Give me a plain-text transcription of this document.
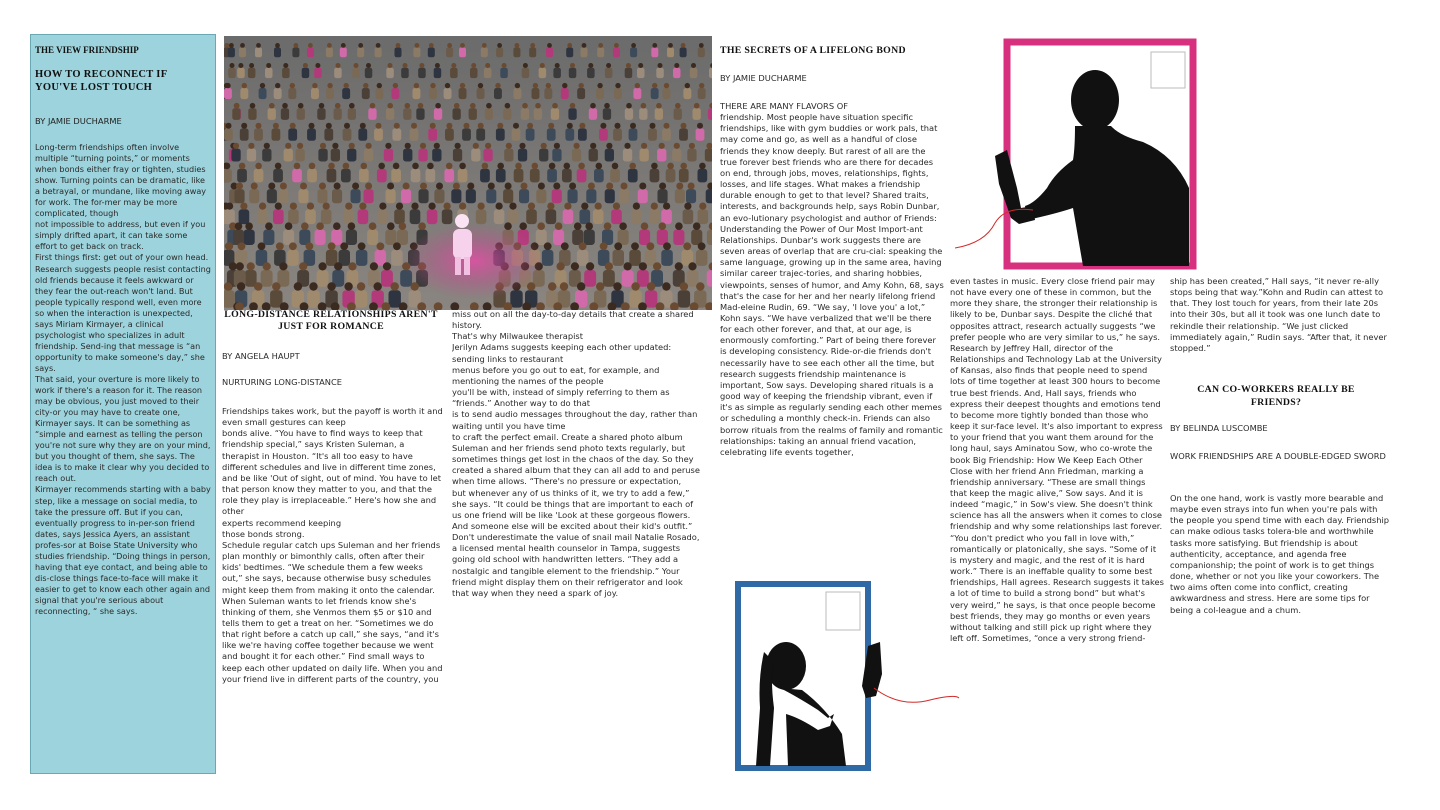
THE VIEW FRIENDSHIP

HOW TO RECONNECT IF YOU'VE LOST TOUCH

BY JAMIE DUCHARME

Long-term friendships often involve multiple “turning points,” or moments when bonds either fray or tighten, studies show. Turning points can be dramatic, like a betrayal, or mundane, like moving away for work. The for-mer may be more complicated, though
not impossible to address, but even if you simply drifted apart, it can take some effort to get back on track.
First things first: get out of your own head. Research suggests people resist contacting old friends because it feels awkward or they fear the out-reach won't land. But people typically respond well, even more so when the interaction is unexpected, says Miriam Kirmayer, a clinical psychologist who specializes in adult friendship. Send-ing that message is “an opportunity to make someone's day,” she says.
That said, your overture is more likely to work if there's a reason for it. The reason may be obvious, you just moved to their city-or you may have to create one, Kirmayer says. It can be something as “simple and earnest as telling the person you're not sure why they are on your mind, but you thought of them, she says. The idea is to make it clear why you decided to reach out.
Kirmayer recommends starting with a baby step, like a message on social media, to take the pressure off. But if you can, eventually progress to in-per-son friend dates, says Jessica Ayers, an assistant profes-sor at Boise State University who studies friendship. “Doing things in person, having that eye contact, and being able to dis-close things face-to-face will make it easier to get to know each other again and signal that you're serious about reconnecting, “ she says.

LONG-DISTANCE RELATIONSHIPS AREN'T JUST FOR ROMANCE

BY ANGELA HAUPT

NURTURING LONG-DISTANCE

Friendships takes work, but the payoff is worth it and even small gestures can keep
bonds alive. “You have to find ways to keep that friendship special,” says Kristen Suleman, a therapist in Houston. “It's all too easy to have different schedules and live in different time zones, and be like 'Out of sight, out of mind. You have to let that person know they matter to you, and that the role they play is irreplaceable.” Here's how she and other
experts recommend keeping
those bonds strong.
Schedule regular catch ups Suleman and her friends plan monthly or bimonthly calls, often after their kids' bedtimes. “We schedule them a few weeks out,” she says, because otherwise busy schedules might keep them from making it onto the calendar. When Suleman wants to let friends know she's thinking of them, she Venmos them $5 or $10 and tells them to get a treat on her. “Sometimes we do that right before a catch up call,” she says, “and it's like we're having coffee together because we went and bought it for each other.” Find small ways to keep each other updated on daily life. When you and your friend live in different parts of the country, you

miss out on all the day-to-day details that create a shared history.
That's why Milwaukee therapist
Jerilyn Adams suggests keeping each other updated: sending links to restaurant
menus before you go out to eat, for example, and mentioning the names of the people
you'll be with, instead of simply referring to them as “friends.” Another way to do that
is to send audio messages throughout the day, rather than waiting until you have time
to craft the perfect email. Create a shared photo album Suleman and her friends send photo texts regularly, but sometimes things get lost in the chaos of the day. So they created a shared album that they can all add to and peruse when time allows. “There's no pressure or expectation,
but whenever any of us thinks of it, we try to add a few,” she says. “It could be things that are important to each of us one friend will be like 'Look at these gorgeous flowers. And someone else will be excited about their kid's outfit.” Don't underestimate the value of snail mail Natalie Rosado, a licensed mental health counselor in Tampa, suggests going old school with handwritten letters. “They add a nostalgic and tangible element to the friendship.” Your friend might display them on their refrigerator and look that way when they need a spark of joy.

THE SECRETS OF A LIFELONG BOND

BY JAMIE DUCHARME

THERE ARE MANY FLAVORS OF
friendship. Most people have situation specific friendships, like with gym buddies or work pals, that may come and go, as well as a handful of close friends they know deeply. But rarest of all are the true forever best friends who are there for decades on end, through jobs, moves, relationships, fights, losses, and life stages. What makes a friendship durable enough to get to that level? Shared traits, interests, and backgrounds help, says Robin Dunbar, an evo-lutionary psychologist and author of Friends: Understanding the Power of Our Most Import-ant Relationships. Dunbar's work suggests there are seven areas of overlap that are cru-cial: speaking the same language, growing up in the same area, having similar career trajec-tories, and sharing hobbies, viewpoints, senses of humor, and Amy Kohn, 68, says that's the case for her and her nearly lifelong friend Mad-eleine Rudin, 69. “We say, 'I love you' a lot,” Kohn says. “We have verbalized that we'll be there for each other forever, and that, at our age, is enormously comforting.” Part of being there forever is developing consistency. Ride-or-die friends don't necessarily have to see each other all the time, but research suggests friendship maintenance is important, Sow says. Developing shared rituals is a good way of keeping the friendship vibrant, even if it's as simple as regularly sending each other memes or scheduling a monthly check-in. Friends can also borrow rituals from the realms of family and romantic relationships: taking an annual friend vacation, celebrating life events together,

even tastes in music. Every close friend pair may not have every one of these in common, but the more they share, the stronger their relationship is likely to be, Dunbar says. Despite the cliché that opposites attract, research actually suggests “we prefer people who are very similar to us,” he says.
Research by Jeffrey Hall, director of the Relationships and Technology Lab at the University of Kansas, also finds that people need to spend lots of time together at least 300 hours to become true best friends. And, Hall says, friends who express their deepest thoughts and emotions tend to become more tightly bonded than those who keep it sur-face level. It's also important to express to your friend that you want them around for the long haul, says Aminatou Sow, who co-wrote the book Big Friendship: How We Keep Each Other Close with her friend Ann Friedman, marking a friendship anniversary. “These are small things that keep the magic alive,” Sow says. And it is indeed “magic,” in Sow's view. She doesn't think science has all the answers when it comes to close friendship and why some relationships last forever.
“You don't predict who you fall in love with,” romantically or platonically, she says. “Some of it is mystery and magic, and the rest of it is hard work.” There is an ineffable quality to some best friendships, Hall agrees. Research suggests it takes a lot of time to build a strong bond” but what's very weird,” he says, is that once people become best friends, they may go months or even years without talking and still pick up right where they left off. Sometimes, “once a very strong friend-

ship has been created,” Hall says, “it never re-ally stops being that way.”Kohn and Rudin can attest to that. They lost touch for years, from their late 20s into their 30s, but all it took was one lunch date to rekindle their relationship. “We just clicked immediately again,” Rudin says. “After that, it never stopped.”

CAN CO-WORKERS REALLY BE FRIENDS?

BY BELINDA LUSCOMBE

WORK FRIENDSHIPS ARE A DOUBLE-EDGED SWORD

On the one hand, work is vastly more bearable and maybe even strays into fun when you're pals with the people you spend time with each day. Friendship can make odious tasks tolera-ble and worthwhile tasks more satisfying. But friendship is about authenticity, acceptance, and agenda free companionship; the point of work is to get things done, whether or not you like your coworkers. The two aims often come into conflict, creating awkwardness and stress. Here are some tips for being a col-league and a chum.
